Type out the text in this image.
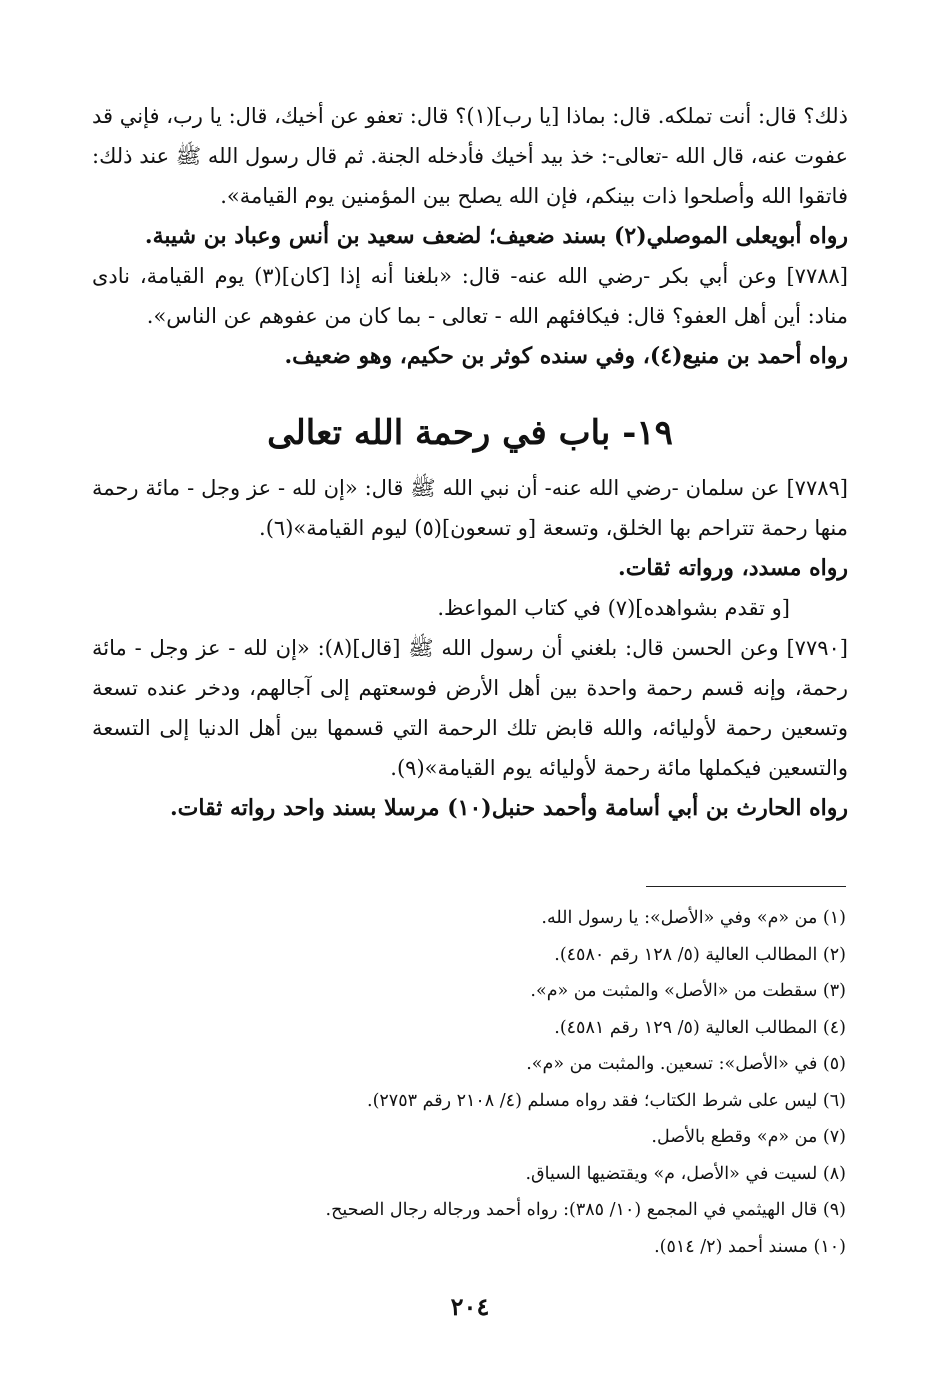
ذلك؟ قال: أنت تملكه. قال: بماذا [يا رب](١)؟ قال: تعفو عن أخيك، قال: يا رب، فإني قد عفوت عنه، قال الله -تعالى-: خذ بيد أخيك فأدخله الجنة. ثم قال رسول الله ﷺ عند ذلك: فاتقوا الله وأصلحوا ذات بينكم، فإن الله يصلح بين المؤمنين يوم القيامة».

رواه أبويعلى الموصلي(٢) بسند ضعيف؛ لضعف سعيد بن أنس وعباد بن شيبة.

[٧٧٨٨] وعن أبي بكر -رضي الله عنه- قال: «بلغنا أنه إذا [كان](٣) يوم القيامة، نادى مناد: أين أهل العفو؟ قال: فيكافئهم الله - تعالى - بما كان من عفوهم عن الناس».

رواه أحمد بن منيع(٤)، وفي سنده كوثر بن حكيم، وهو ضعيف.

١٩- باب في رحمة الله تعالى

[٧٧٨٩] عن سلمان -رضي الله عنه- أن نبي الله ﷺ قال: «إن لله - عز وجل - مائة رحمة منها رحمة تتراحم بها الخلق، وتسعة [و تسعون](٥) ليوم القيامة»(٦).

رواه مسدد، ورواته ثقات.

[و تقدم بشواهده](٧) في كتاب المواعظ.

[٧٧٩٠] وعن الحسن قال: بلغني أن رسول الله ﷺ [قال](٨): «إن لله - عز وجل - مائة رحمة، وإنه قسم رحمة واحدة بين أهل الأرض فوسعتهم إلى آجالهم، ودخر عنده تسعة وتسعين رحمة لأوليائه، والله قابض تلك الرحمة التي قسمها بين أهل الدنيا إلى التسعة والتسعين فيكملها مائة رحمة لأوليائه يوم القيامة»(٩).

رواه الحارث بن أبي أسامة وأحمد حنبل(١٠) مرسلا بسند واحد رواته ثقات.

(١) من «م» وفي «الأصل»: يا رسول الله.

(٢) المطالب العالية (٥/ ١٢٨ رقم ٤٥٨٠).

(٣) سقطت من «الأصل» والمثبت من «م».

(٤) المطالب العالية (٥/ ١٢٩ رقم ٤٥٨١).

(٥) في «الأصل»: تسعين. والمثبت من «م».

(٦) ليس على شرط الكتاب؛ فقد رواه مسلم (٤/ ٢١٠٨ رقم ٢٧٥٣).

(٧) من «م» وقطع بالأصل.

(٨) لسيت في «الأصل، م» ويقتضيها السياق.

(٩) قال الهيثمي في المجمع (١٠/ ٣٨٥): رواه أحمد ورجاله رجال الصحيح.

(١٠) مسند أحمد (٢/ ٥١٤).

٢٠٤
